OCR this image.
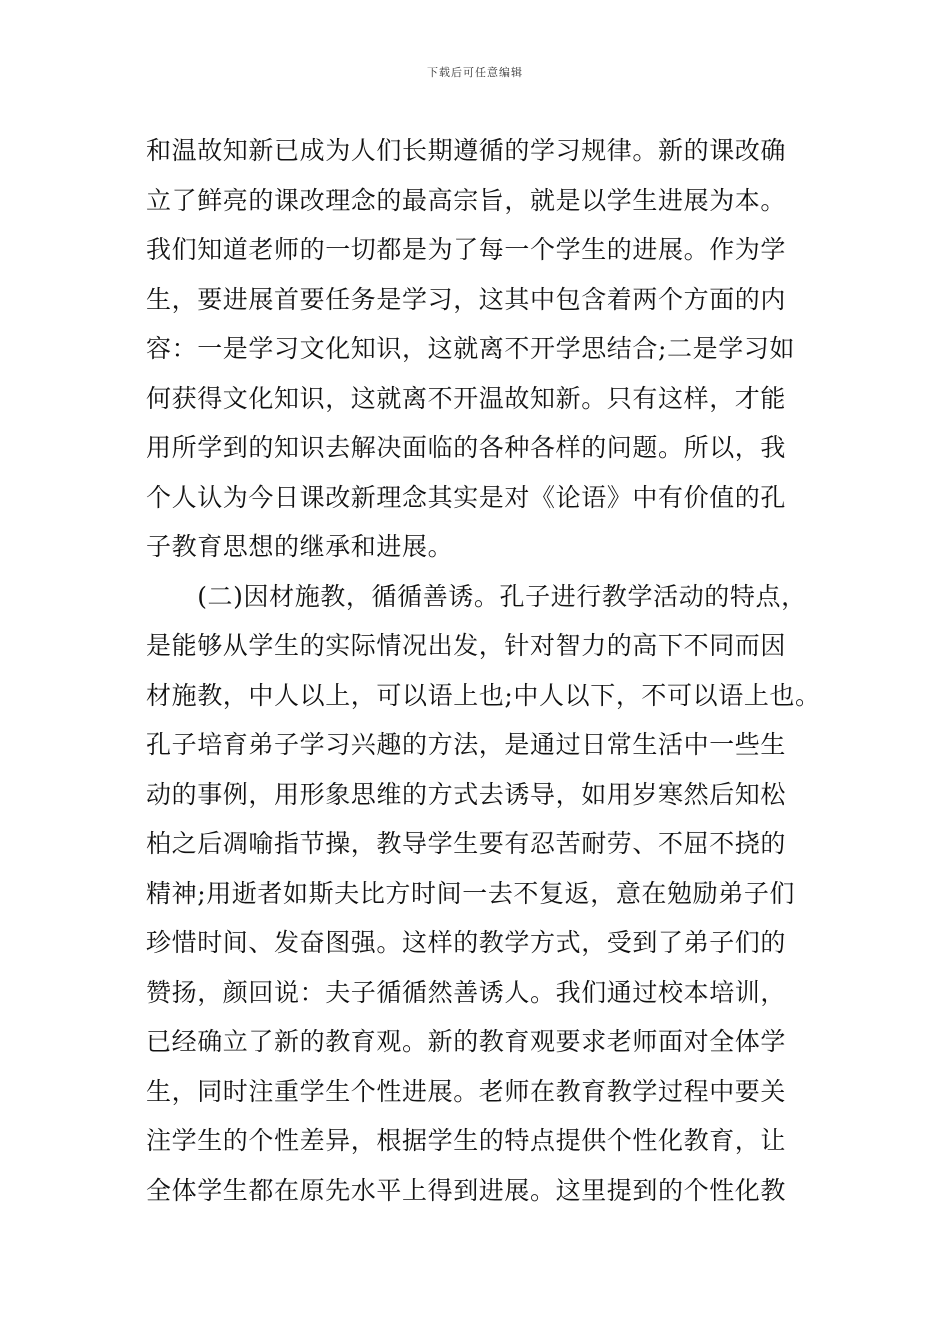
下载后可任意编辑
和温故知新已成为人们长期遵循的学习规律。新的课改确
立了鲜亮的课改理念的最高宗旨，就是以学生进展为本。
我们知道老师的一切都是为了每一个学生的进展。作为学
生，要进展首要任务是学习，这其中包含着两个方面的内
容：一是学习文化知识，这就离不开学思结合;二是学习如
何获得文化知识，这就离不开温故知新。只有这样，才能
用所学到的知识去解决面临的各种各样的问题。所以，我
个人认为今日课改新理念其实是对《论语》中有价值的孔
子教育思想的继承和进展。
　　(二)因材施教，循循善诱。孔子进行教学活动的特点，
是能够从学生的实际情况出发，针对智力的高下不同而因
材施教，中人以上，可以语上也;中人以下，不可以语上也。
孔子培育弟子学习兴趣的方法，是通过日常生活中一些生
动的事例，用形象思维的方式去诱导，如用岁寒然后知松
柏之后凋喻指节操，教导学生要有忍苦耐劳、不屈不挠的
精神;用逝者如斯夫比方时间一去不复返，意在勉励弟子们
珍惜时间、发奋图强。这样的教学方式，受到了弟子们的
赞扬，颜回说：夫子循循然善诱人。我们通过校本培训，
已经确立了新的教育观。新的教育观要求老师面对全体学
生，同时注重学生个性进展。老师在教育教学过程中要关
注学生的个性差异，根据学生的特点提供个性化教育，让
全体学生都在原先水平上得到进展。这里提到的个性化教
